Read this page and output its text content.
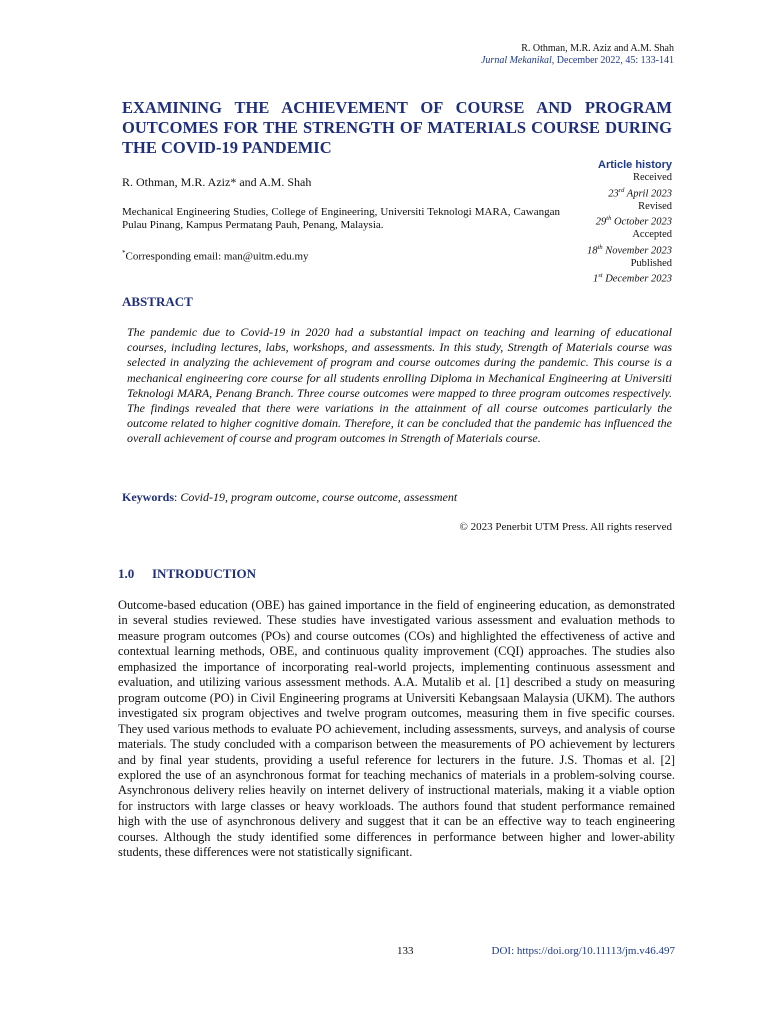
R. Othman, M.R. Aziz and A.M. Shah
Jurnal Mekanikal, December 2022, 45: 133-141
EXAMINING THE ACHIEVEMENT OF COURSE AND PROGRAM OUTCOMES FOR THE STRENGTH OF MATERIALS COURSE DURING THE COVID-19 PANDEMIC
R. Othman, M.R. Aziz* and A.M. Shah
Mechanical Engineering Studies, College of Engineering, Universiti Teknologi MARA, Cawangan Pulau Pinang, Kampus Permatang Pauh, Penang, Malaysia.
*Corresponding email: man@uitm.edu.my
Article history
Received
23rd April 2023
Revised
29th October 2023
Accepted
18th November 2023
Published
1st December 2023
ABSTRACT

The pandemic due to Covid-19 in 2020 had a substantial impact on teaching and learning of educational courses, including lectures, labs, workshops, and assessments. In this study, Strength of Materials course was selected in analyzing the achievement of program and course outcomes during the pandemic. This course is a mechanical engineering core course for all students enrolling Diploma in Mechanical Engineering at Universiti Teknologi MARA, Penang Branch. Three course outcomes were mapped to three program outcomes respectively. The findings revealed that there were variations in the attainment of all course outcomes particularly the outcome related to higher cognitive domain. Therefore, it can be concluded that the pandemic has influenced the overall achievement of course and program outcomes in Strength of Materials course.

Keywords: Covid-19, program outcome, course outcome, assessment
© 2023 Penerbit UTM Press. All rights reserved
1.0 INTRODUCTION

Outcome-based education (OBE) has gained importance in the field of engineering education, as demonstrated in several studies reviewed. These studies have investigated various assessment and evaluation methods to measure program outcomes (POs) and course outcomes (COs) and highlighted the effectiveness of active and contextual learning methods, OBE, and continuous quality improvement (CQI) approaches. The studies also emphasized the importance of incorporating real-world projects, implementing continuous assessment and evaluation, and utilizing various assessment methods. A.A. Mutalib et al. [1] described a study on measuring program outcome (PO) in Civil Engineering programs at Universiti Kebangsaan Malaysia (UKM). The authors investigated six program objectives and twelve program outcomes, measuring them in five specific courses. They used various methods to evaluate PO achievement, including assessments, surveys, and analysis of course materials. The study concluded with a comparison between the measurements of PO achievement by lecturers and by final year students, providing a useful reference for lecturers in the future. J.S. Thomas et al. [2] explored the use of an asynchronous format for teaching mechanics of materials in a problem-solving course. Asynchronous delivery relies heavily on internet delivery of instructional materials, making it a viable option for instructors with large classes or heavy workloads. The authors found that student performance remained high with the use of asynchronous delivery and suggest that it can be an effective way to teach engineering courses. Although the study identified some differences in performance between higher and lower-ability students, these differences were not statistically significant.

133	DOI: https://doi.org/10.11113/jm.v46.497
